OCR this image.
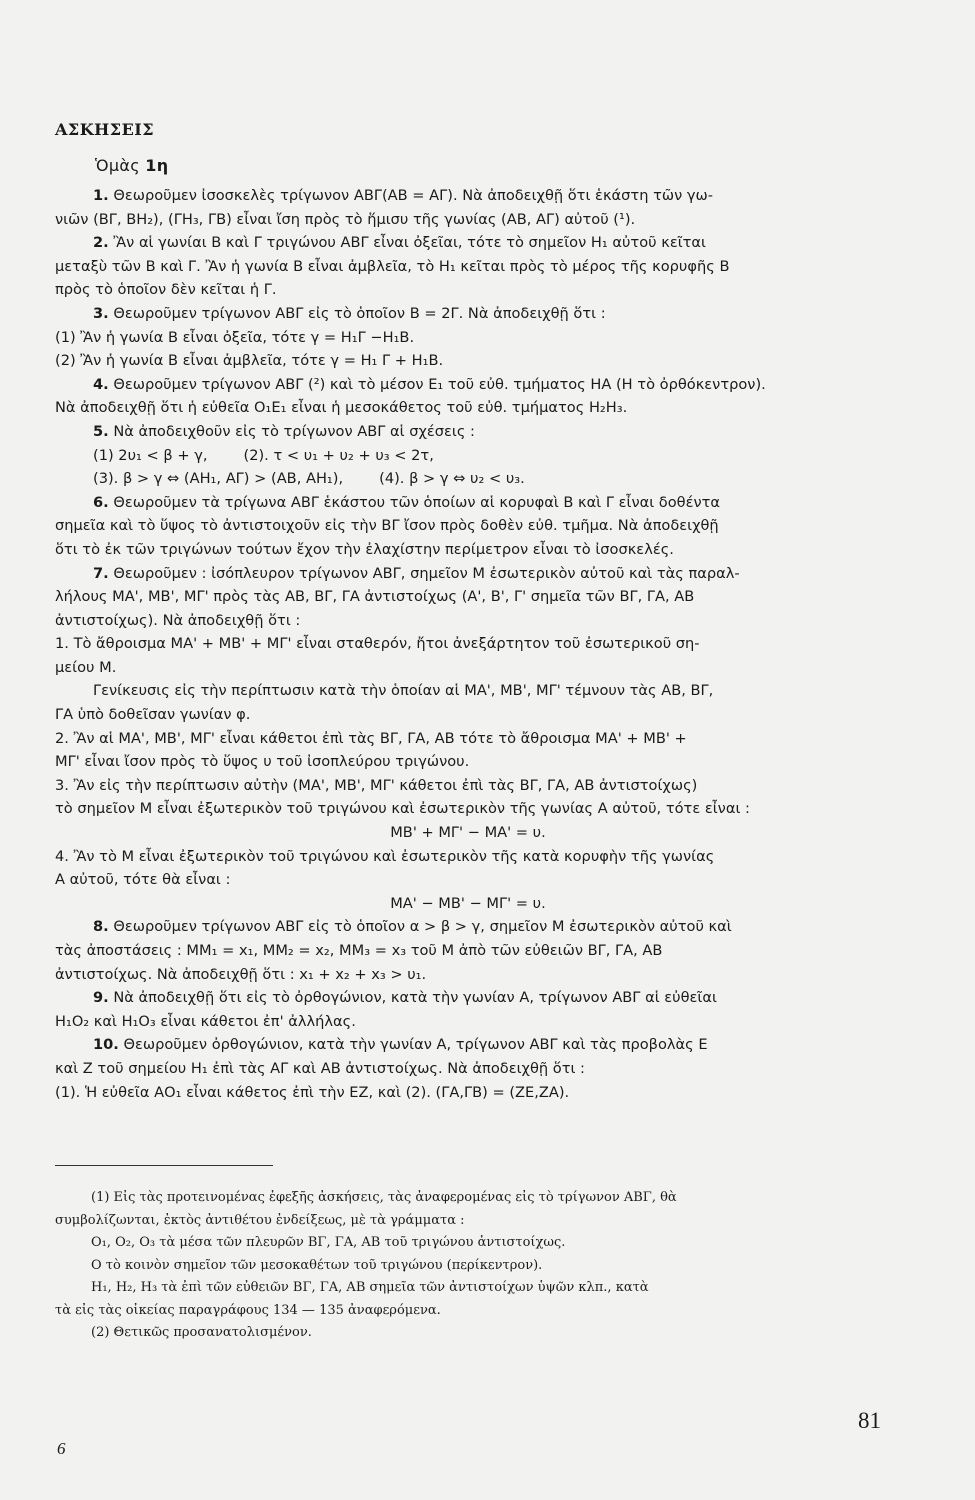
ΑΣΚΗΣΕΙΣ
Ὁμὰς 1η
1. Θεωροῦμεν ἰσοσκελὲς τρίγωνον ΑΒΓ(ΑΒ = ΑΓ). Νὰ ἀποδειχθῇ ὅτι ἑκάστη τῶν γω-
νιῶν (ΒΓ, ΒΗ₂), (ΓΗ₃, ΓΒ) εἶναι ἴση πρὸς τὸ ἥμισυ τῆς γωνίας (ΑΒ, ΑΓ) αὐτοῦ (¹).
2. Ἂν αἱ γωνίαι Β καὶ Γ τριγώνου ΑΒΓ εἶναι ὀξεῖαι, τότε τὸ σημεῖον Η₁ αὐτοῦ κεῖται
μεταξὺ τῶν Β καὶ Γ. Ἂν ἡ γωνία Β εἶναι ἀμβλεῖα, τὸ Η₁ κεῖται πρὸς τὸ μέρος τῆς κορυφῆς Β
πρὸς τὸ ὁποῖον δὲν κεῖται ἡ Γ.
3. Θεωροῦμεν τρίγωνον ΑΒΓ εἰς τὸ ὁποῖον Β = 2Γ. Νὰ ἀποδειχθῇ ὅτι :
(1) Ἂν ἡ γωνία Β εἶναι ὀξεῖα, τότε γ = Η₁Γ −Η₁Β.
(2) Ἂν ἡ γωνία Β εἶναι ἀμβλεῖα, τότε γ = Η₁ Γ + Η₁Β.
4. Θεωροῦμεν τρίγωνον ΑΒΓ (²) καὶ τὸ μέσον Ε₁ τοῦ εὐθ. τμήματος ΗΑ (Η τὸ ὀρθόκεντρον).
Νὰ ἀποδειχθῇ ὅτι ἡ εὐθεῖα Ο₁Ε₁ εἶναι ἡ μεσοκάθετος τοῦ εὐθ. τμήματος Η₂Η₃.
5. Νὰ ἀποδειχθοῦν εἰς τὸ τρίγωνον ΑΒΓ αἱ σχέσεις :
(1) 2υ₁ < β + γ, (2). τ < υ₁ + υ₂ + υ₃ < 2τ,
(3). β > γ ⇔ (ΑΗ₁, ΑΓ) > (ΑΒ, ΑΗ₁), (4). β > γ ⇔ υ₂ < υ₃.
6. Θεωροῦμεν τὰ τρίγωνα ΑΒΓ ἑκάστου τῶν ὁποίων αἱ κορυφαὶ Β καὶ Γ εἶναι δοθέντα
σημεῖα καὶ τὸ ὕψος τὸ ἀντιστοιχοῦν εἰς τὴν ΒΓ ἴσον πρὸς δοθὲν εὐθ. τμῆμα. Νὰ ἀποδειχθῇ
ὅτι τὸ ἐκ τῶν τριγώνων τούτων ἔχον τὴν ἐλαχίστην περίμετρον εἶναι τὸ ἰσοσκελές.
7. Θεωροῦμεν : ἰσόπλευρον τρίγωνον ΑΒΓ, σημεῖον Μ ἐσωτερικὸν αὐτοῦ καὶ τὰς παραλ-
λήλους ΜΑ', ΜΒ', ΜΓ' πρὸς τὰς ΑΒ, ΒΓ, ΓΑ ἀντιστοίχως (Α', Β', Γ' σημεῖα τῶν ΒΓ, ΓΑ, ΑΒ
ἀντιστοίχως). Νὰ ἀποδειχθῇ ὅτι :
1. Τὸ ἄθροισμα ΜΑ' + ΜΒ' + ΜΓ' εἶναι σταθερόν, ἤτοι ἀνεξάρτητον τοῦ ἐσωτερικοῦ ση-
μείου Μ.
Γενίκευσις εἰς τὴν περίπτωσιν κατὰ τὴν ὁποίαν αἱ ΜΑ', ΜΒ', ΜΓ' τέμνουν τὰς ΑΒ, ΒΓ,
ΓΑ ὑπὸ δοθεῖσαν γωνίαν φ.
2. Ἂν αἱ ΜΑ', ΜΒ', ΜΓ' εἶναι κάθετοι ἐπὶ τὰς ΒΓ, ΓΑ, ΑΒ τότε τὸ ἄθροισμα ΜΑ' + ΜΒ' +
ΜΓ' εἶναι ἴσον πρὸς τὸ ὕψος υ τοῦ ἰσοπλεύρου τριγώνου.
3. Ἂν εἰς τὴν περίπτωσιν αὐτὴν (ΜΑ', ΜΒ', ΜΓ' κάθετοι ἐπὶ τὰς ΒΓ, ΓΑ, ΑΒ ἀντιστοίχως)
τὸ σημεῖον Μ εἶναι ἐξωτερικὸν τοῦ τριγώνου καὶ ἐσωτερικὸν τῆς γωνίας Α αὐτοῦ, τότε εἶναι :
ΜΒ' + ΜΓ' − ΜΑ' = υ.
4. Ἂν τὸ Μ εἶναι ἐξωτερικὸν τοῦ τριγώνου καὶ ἐσωτερικὸν τῆς κατὰ κορυφὴν τῆς γωνίας
Α αὐτοῦ, τότε θὰ εἶναι :
ΜΑ' − ΜΒ' − ΜΓ' = υ.
8. Θεωροῦμεν τρίγωνον ΑΒΓ εἰς τὸ ὁποῖον α > β > γ, σημεῖον Μ ἐσωτερικὸν αὐτοῦ καὶ
τὰς ἀποστάσεις : ΜΜ₁ = x₁, ΜΜ₂ = x₂, ΜΜ₃ = x₃ τοῦ Μ ἀπὸ τῶν εὐθειῶν ΒΓ, ΓΑ, ΑΒ
ἀντιστοίχως. Νὰ ἀποδειχθῇ ὅτι : x₁ + x₂ + x₃ > υ₁.
9. Νὰ ἀποδειχθῇ ὅτι εἰς τὸ ὀρθογώνιον, κατὰ τὴν γωνίαν Α, τρίγωνον ΑΒΓ αἱ εὐθεῖαι
Η₁Ο₂ καὶ Η₁Ο₃ εἶναι κάθετοι ἐπ' ἀλλήλας.
10. Θεωροῦμεν ὀρθογώνιον, κατὰ τὴν γωνίαν Α, τρίγωνον ΑΒΓ καὶ τὰς προβολὰς Ε
καὶ Ζ τοῦ σημείου Η₁ ἐπὶ τὰς ΑΓ καὶ ΑΒ ἀντιστοίχως. Νὰ ἀποδειχθῇ ὅτι :
(1). Ἡ εὐθεῖα ΑΟ₁ εἶναι κάθετος ἐπὶ τὴν ΕΖ, καὶ (2). (ΓΑ,ΓΒ) = (ΖΕ,ΖΑ).
(1) Εἰς τὰς προτεινομένας ἐφεξῆς ἀσκήσεις, τὰς ἀναφερομένας εἰς τὸ τρίγωνον ΑΒΓ, θὰ
συμβολίζωνται, ἐκτὸς ἀντιθέτου ἐνδείξεως, μὲ τὰ γράμματα :
Ο₁, Ο₂, Ο₃ τὰ μέσα τῶν πλευρῶν ΒΓ, ΓΑ, ΑΒ τοῦ τριγώνου ἀντιστοίχως.
Ο τὸ κοινὸν σημεῖον τῶν μεσοκαθέτων τοῦ τριγώνου (περίκεντρον).
Η₁, Η₂, Η₃ τὰ ἐπὶ τῶν εὐθειῶν ΒΓ, ΓΑ, ΑΒ σημεῖα τῶν ἀντιστοίχων ὑψῶν κλπ., κατὰ
τὰ εἰς τὰς οἰκείας παραγράφους 134 — 135 ἀναφερόμενα.
(2) Θετικῶς προσανατολισμένον.
81
6
